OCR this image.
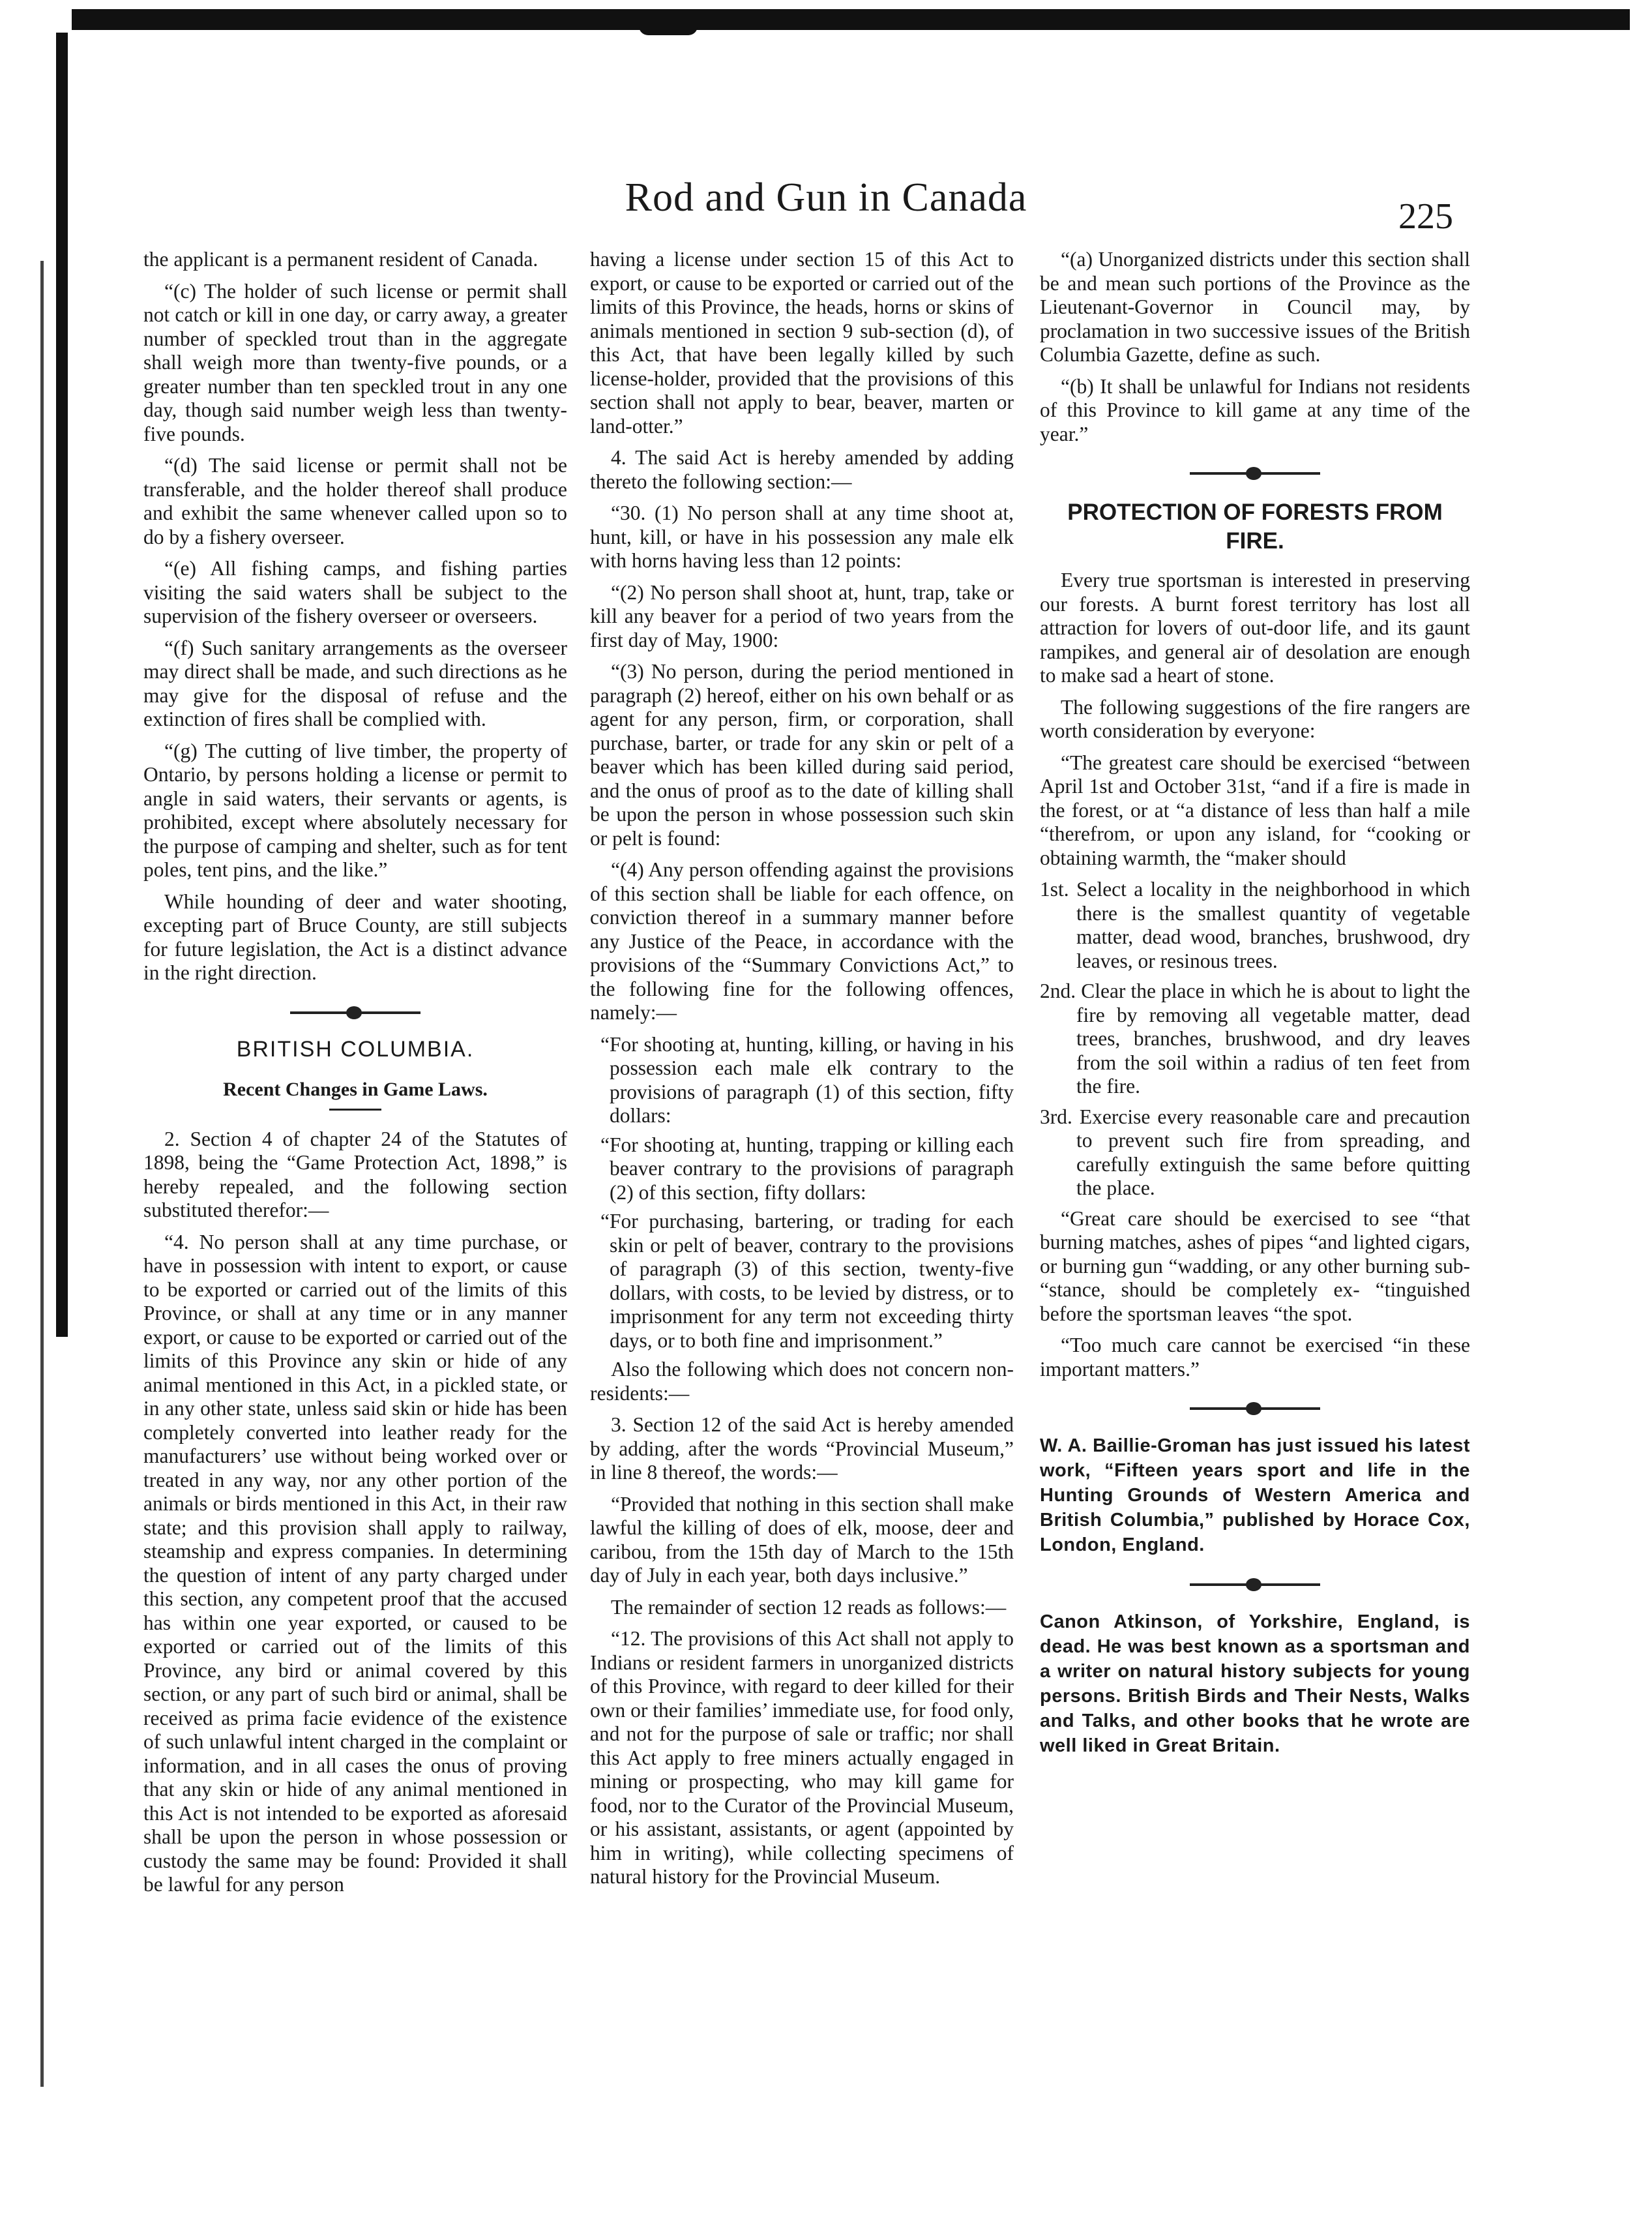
Rod and Gun in Canada	225

the applicant is a permanent resident of Canada.

“(c) The holder of such license or permit shall not catch or kill in one day, or carry away, a greater number of speckled trout than in the aggregate shall weigh more than twenty-five pounds, or a greater number than ten speckled trout in any one day, though said number weigh less than twenty-five pounds.

“(d) The said license or permit shall not be transferable, and the holder thereof shall produce and exhibit the same whenever called upon so to do by a fishery overseer.

“(e) All fishing camps, and fishing parties visiting the said waters shall be subject to the supervision of the fishery overseer or overseers.

“(f) Such sanitary arrangements as the overseer may direct shall be made, and such directions as he may give for the disposal of refuse and the extinction of fires shall be complied with.

“(g) The cutting of live timber, the property of Ontario, by persons holding a license or permit to angle in said waters, their servants or agents, is prohibited, except where absolutely necessary for the purpose of camping and shelter, such as for tent poles, tent pins, and the like.”

While hounding of deer and water shooting, excepting part of Bruce County, are still subjects for future legislation, the Act is a distinct advance in the right direction.

BRITISH COLUMBIA.
Recent Changes in Game Laws.

2. Section 4 of chapter 24 of the Statutes of 1898, being the “Game Protection Act, 1898,” is hereby repealed, and the following section substituted therefor:—

“4. No person shall at any time purchase, or have in possession with intent to export, or cause to be exported or carried out of the limits of this Province, or shall at any time or in any manner export, or cause to be exported or carried out of the limits of this Province any skin or hide of any animal mentioned in this Act, in a pickled state, or in any other state, unless said skin or hide has been completely converted into leather ready for the manufacturers’ use without being worked over or treated in any way, nor any other portion of the animals or birds mentioned in this Act, in their raw state; and this provision shall apply to railway, steamship and express companies. In determining the question of intent of any party charged under this section, any competent proof that the accused has within one year exported, or caused to be exported or carried out of the limits of this Province, any bird or animal covered by this section, or any part of such bird or animal, shall be received as prima facie evidence of the existence of such unlawful intent charged in the complaint or information, and in all cases the onus of proving that any skin or hide of any animal mentioned in this Act is not intended to be exported as aforesaid shall be upon the person in whose possession or custody the same may be found: Provided it shall be lawful for any person

having a license under section 15 of this Act to export, or cause to be exported or carried out of the limits of this Province, the heads, horns or skins of animals mentioned in section 9 sub-section (d), of this Act, that have been legally killed by such license-holder, provided that the provisions of this section shall not apply to bear, beaver, marten or land-otter.”

4. The said Act is hereby amended by adding thereto the following section:—

“30. (1) No person shall at any time shoot at, hunt, kill, or have in his possession any male elk with horns having less than 12 points:

“(2) No person shall shoot at, hunt, trap, take or kill any beaver for a period of two years from the first day of May, 1900:

“(3) No person, during the period mentioned in paragraph (2) hereof, either on his own behalf or as agent for any person, firm, or corporation, shall purchase, barter, or trade for any skin or pelt of a beaver which has been killed during said period, and the onus of proof as to the date of killing shall be upon the person in whose possession such skin or pelt is found:

“(4) Any person offending against the provisions of this section shall be liable for each offence, on conviction thereof in a summary manner before any Justice of the Peace, in accordance with the provisions of the “Summary Convictions Act,” to the following fine for the following offences, namely:—

“For shooting at, hunting, killing, or having in his possession each male elk contrary to the provisions of paragraph (1) of this section, fifty dollars:

“For shooting at, hunting, trapping or killing each beaver contrary to the provisions of paragraph (2) of this section, fifty dollars:

“For purchasing, bartering, or trading for each skin or pelt of beaver, contrary to the provisions of paragraph (3) of this section, twenty-five dollars, with costs, to be levied by distress, or to imprisonment for any term not exceeding thirty days, or to both fine and imprisonment.”

Also the following which does not concern non-residents:—

3. Section 12 of the said Act is hereby amended by adding, after the words “Provincial Museum,” in line 8 thereof, the words:—

“Provided that nothing in this section shall make lawful the killing of does of elk, moose, deer and caribou, from the 15th day of March to the 15th day of July in each year, both days inclusive.”

The remainder of section 12 reads as follows:—

“12. The provisions of this Act shall not apply to Indians or resident farmers in unorganized districts of this Province, with regard to deer killed for their own or their families’ immediate use, for food only, and not for the purpose of sale or traffic; nor shall this Act apply to free miners actually engaged in mining or prospecting, who may kill game for food, nor to the Curator of the Provincial Museum, or his assistant, assistants, or agent (appointed by him in writing), while collecting specimens of natural history for the Provincial Museum.

“(a) Unorganized districts under this section shall be and mean such portions of the Province as the Lieutenant-Governor in Council may, by proclamation in two successive issues of the British Columbia Gazette, define as such.

“(b) It shall be unlawful for Indians not residents of this Province to kill game at any time of the year.”

PROTECTION OF FORESTS FROM FIRE.

Every true sportsman is interested in preserving our forests. A burnt forest territory has lost all attraction for lovers of out-door life, and its gaunt rampikes, and general air of desolation are enough to make sad a heart of stone.

The following suggestions of the fire rangers are worth consideration by everyone:

“The greatest care should be exercised “between April 1st and October 31st, “and if a fire is made in the forest, or at “a distance of less than half a mile “therefrom, or upon any island, for “cooking or obtaining warmth, the “maker should

1st. Select a locality in the neighborhood in which there is the smallest quantity of vegetable matter, dead wood, branches, brushwood, dry leaves, or resinous trees.
2nd. Clear the place in which he is about to light the fire by removing all vegetable matter, dead trees, branches, brushwood, and dry leaves from the soil within a radius of ten feet from the fire.
3rd. Exercise every reasonable care and precaution to prevent such fire from spreading, and carefully extinguish the same before quitting the place.

“Great care should be exercised to see “that burning matches, ashes of pipes “and lighted cigars, or burning gun “wadding, or any other burning sub- “stance, should be completely ex- “tinguished before the sportsman leaves “the spot.

“Too much care cannot be exercised “in these important matters.”

W. A. Baillie-Groman has just issued his latest work, “Fifteen years sport and life in the Hunting Grounds of Western America and British Columbia,” published by Horace Cox, London, England.

Canon Atkinson, of Yorkshire, England, is dead. He was best known as a sportsman and a writer on natural history subjects for young persons. British Birds and Their Nests, Walks and Talks, and other books that he wrote are well liked in Great Britain.
